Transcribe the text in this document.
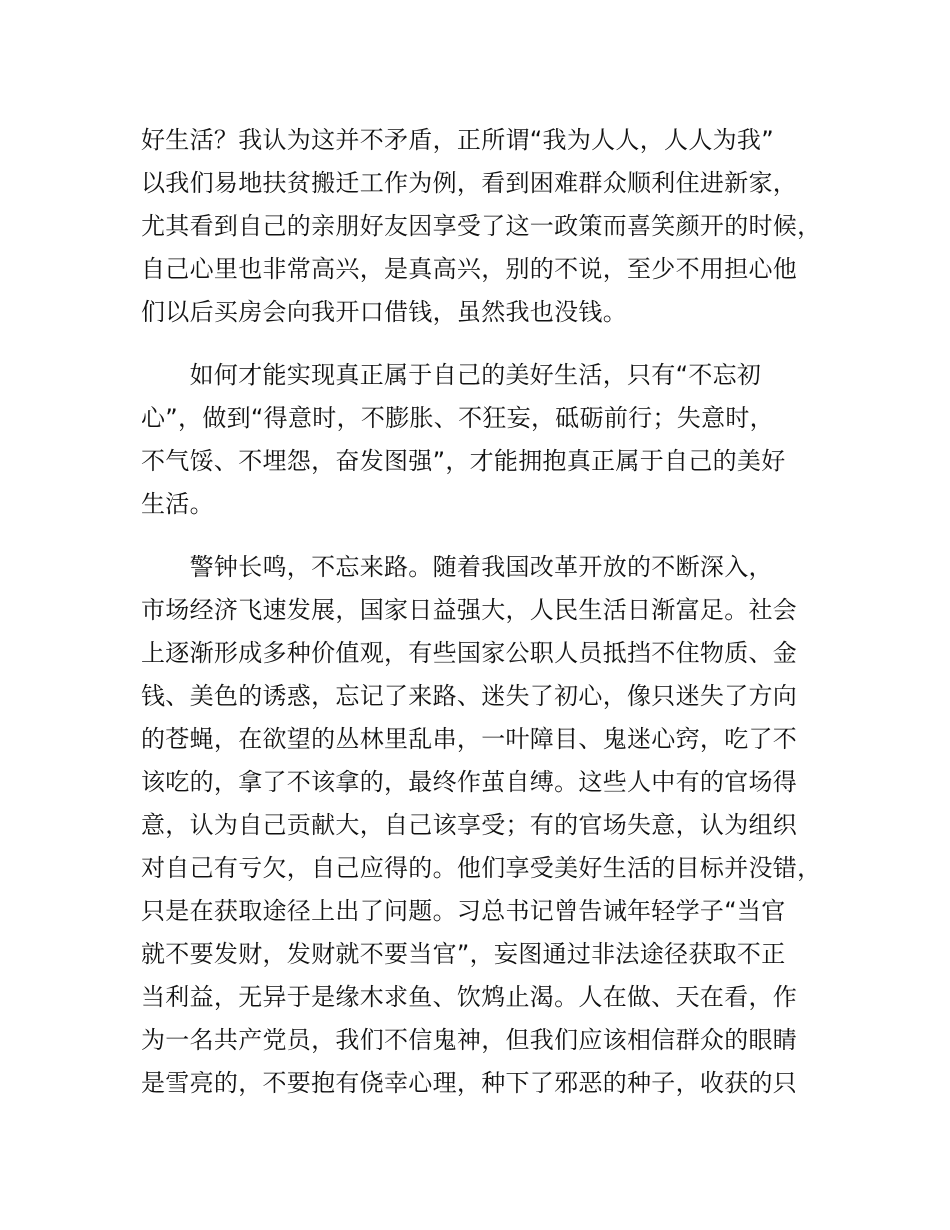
好生活？我认为这并不矛盾，正所谓“我为人人，人人为我”
以我们易地扶贫搬迁工作为例，看到困难群众顺利住进新家，
尤其看到自己的亲朋好友因享受了这一政策而喜笑颜开的时候，
自己心里也非常高兴，是真高兴，别的不说，至少不用担心他
们以后买房会向我开口借钱，虽然我也没钱。
　　如何才能实现真正属于自己的美好生活，只有“不忘初
心”，做到“得意时，不膨胀、不狂妄，砥砺前行；失意时，
不气馁、不埋怨，奋发图强”，才能拥抱真正属于自己的美好
生活。
　　警钟长鸣，不忘来路。随着我国改革开放的不断深入，
市场经济飞速发展，国家日益强大，人民生活日渐富足。社会
上逐渐形成多种价值观，有些国家公职人员抵挡不住物质、金
钱、美色的诱惑，忘记了来路、迷失了初心，像只迷失了方向
的苍蝇，在欲望的丛林里乱串，一叶障目、鬼迷心窍，吃了不
该吃的，拿了不该拿的，最终作茧自缚。这些人中有的官场得
意，认为自己贡献大，自己该享受；有的官场失意，认为组织
对自己有亏欠，自己应得的。他们享受美好生活的目标并没错，
只是在获取途径上出了问题。习总书记曾告诫年轻学子“当官
就不要发财，发财就不要当官”，妄图通过非法途径获取不正
当利益，无异于是缘木求鱼、饮鸩止渴。人在做、天在看，作
为一名共产党员，我们不信鬼神，但我们应该相信群众的眼睛
是雪亮的，不要抱有侥幸心理，种下了邪恶的种子，收获的只
